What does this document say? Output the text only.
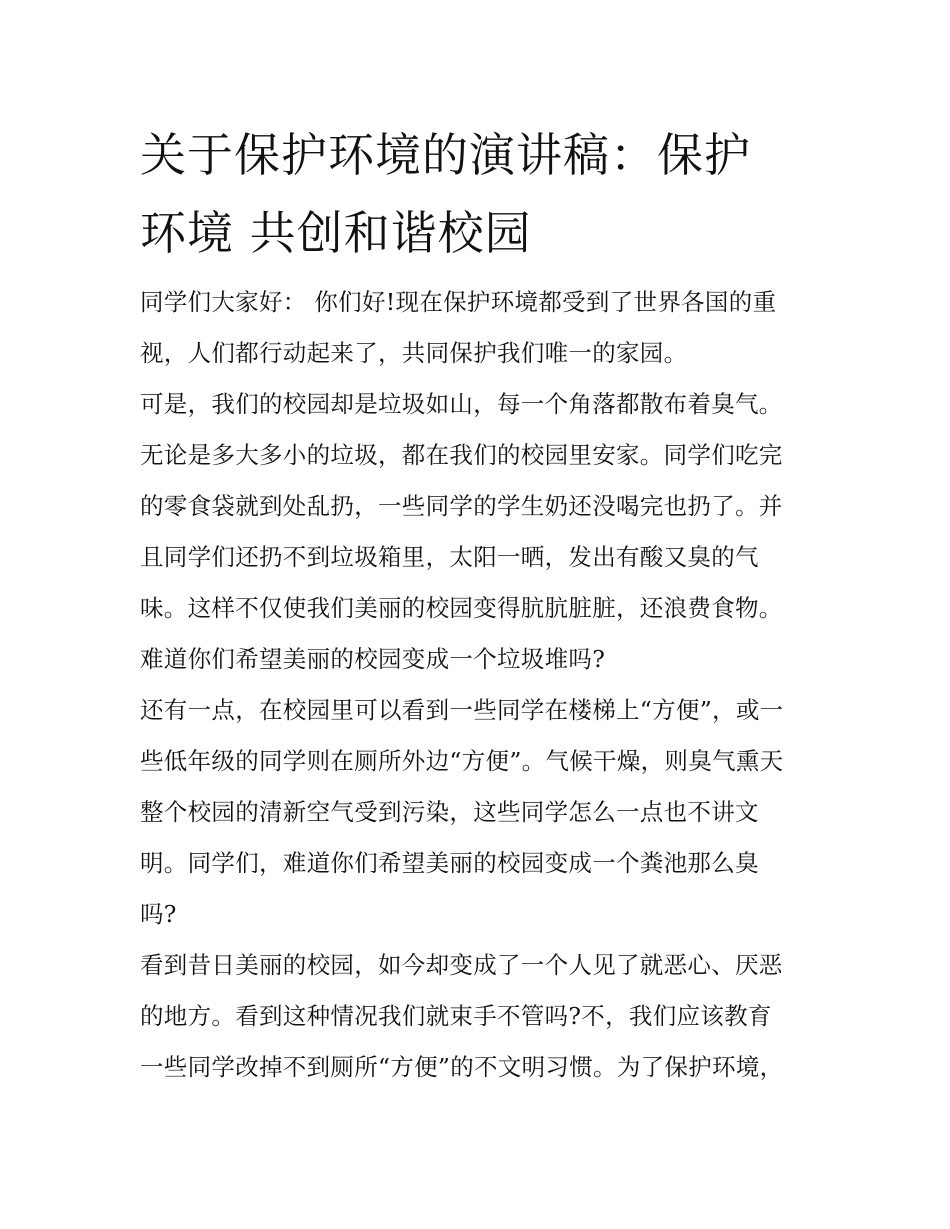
关于保护环境的演讲稿：保护
环境 共创和谐校园
同学们大家好： 你们好!现在保护环境都受到了世界各国的重
视，人们都行动起来了，共同保护我们唯一的家园。
可是，我们的校园却是垃圾如山，每一个角落都散布着臭气。
无论是多大多小的垃圾，都在我们的校园里安家。同学们吃完
的零食袋就到处乱扔，一些同学的学生奶还没喝完也扔了。并
且同学们还扔不到垃圾箱里，太阳一晒，发出有酸又臭的气
味。这样不仅使我们美丽的校园变得肮肮脏脏，还浪费食物。
难道你们希望美丽的校园变成一个垃圾堆吗?
还有一点，在校园里可以看到一些同学在楼梯上“方便”，或一
些低年级的同学则在厕所外边“方便”。气候干燥，则臭气熏天
整个校园的清新空气受到污染，这些同学怎么一点也不讲文
明。同学们，难道你们希望美丽的校园变成一个粪池那么臭
吗?
看到昔日美丽的校园，如今却变成了一个人见了就恶心、厌恶
的地方。看到这种情况我们就束手不管吗?不，我们应该教育
一些同学改掉不到厕所“方便”的不文明习惯。为了保护环境，
